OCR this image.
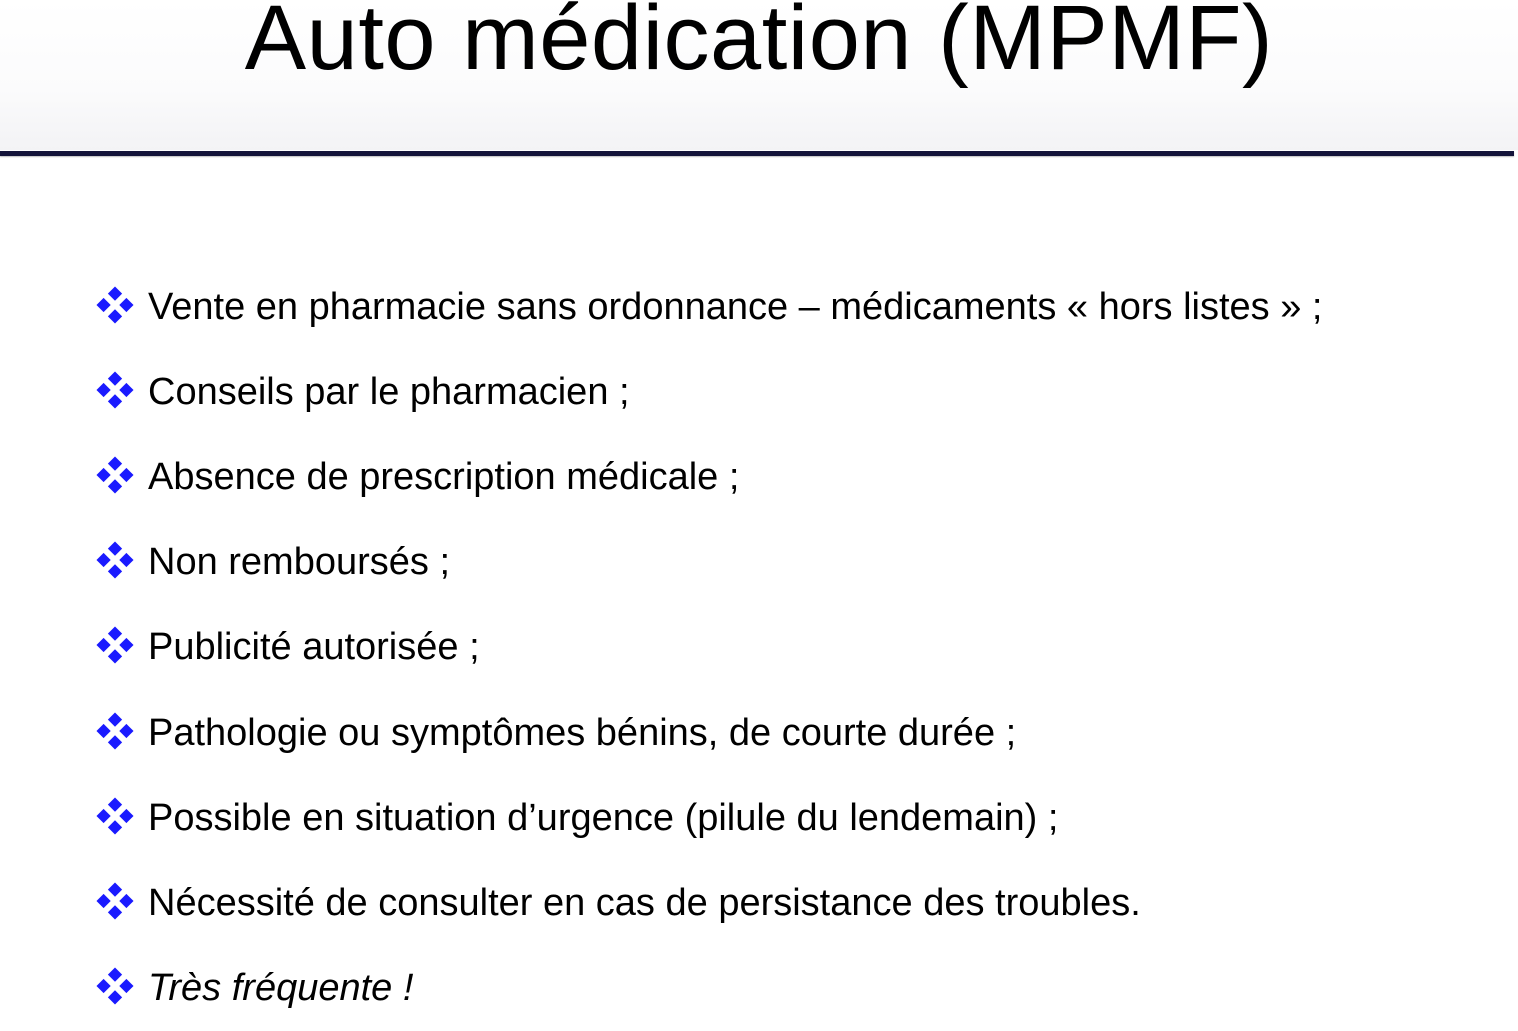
Auto médication (MPMF)
Vente en pharmacie sans ordonnance – médicaments « hors listes » ;
Conseils par le pharmacien ;
Absence de prescription médicale ;
Non remboursés ;
Publicité autorisée ;
Pathologie ou symptômes bénins, de courte durée ;
Possible en situation d’urgence (pilule du lendemain) ;
Nécessité de consulter en cas de persistance des troubles.
Très fréquente !
